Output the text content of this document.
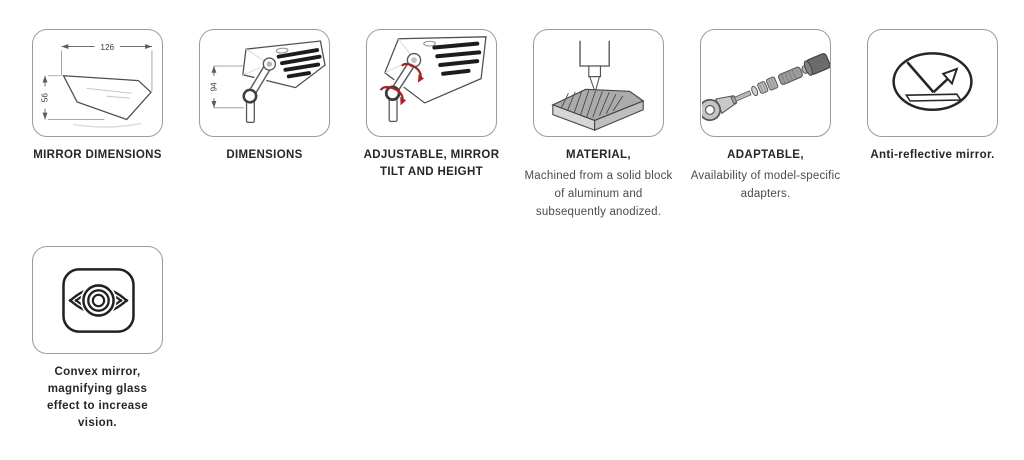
126
56
MIRROR DIMENSIONS
94
DIMENSIONS	ADJUSTABLE, MIRROR TILT AND HEIGHT
MATERIAL,
Machined from a solid block of aluminum and subsequently anodized.
ADAPTABLE,
Availability of model-specific adapters.
Anti-reflective mirror.
Convex mirror, magnifying glass effect to increase vision.
